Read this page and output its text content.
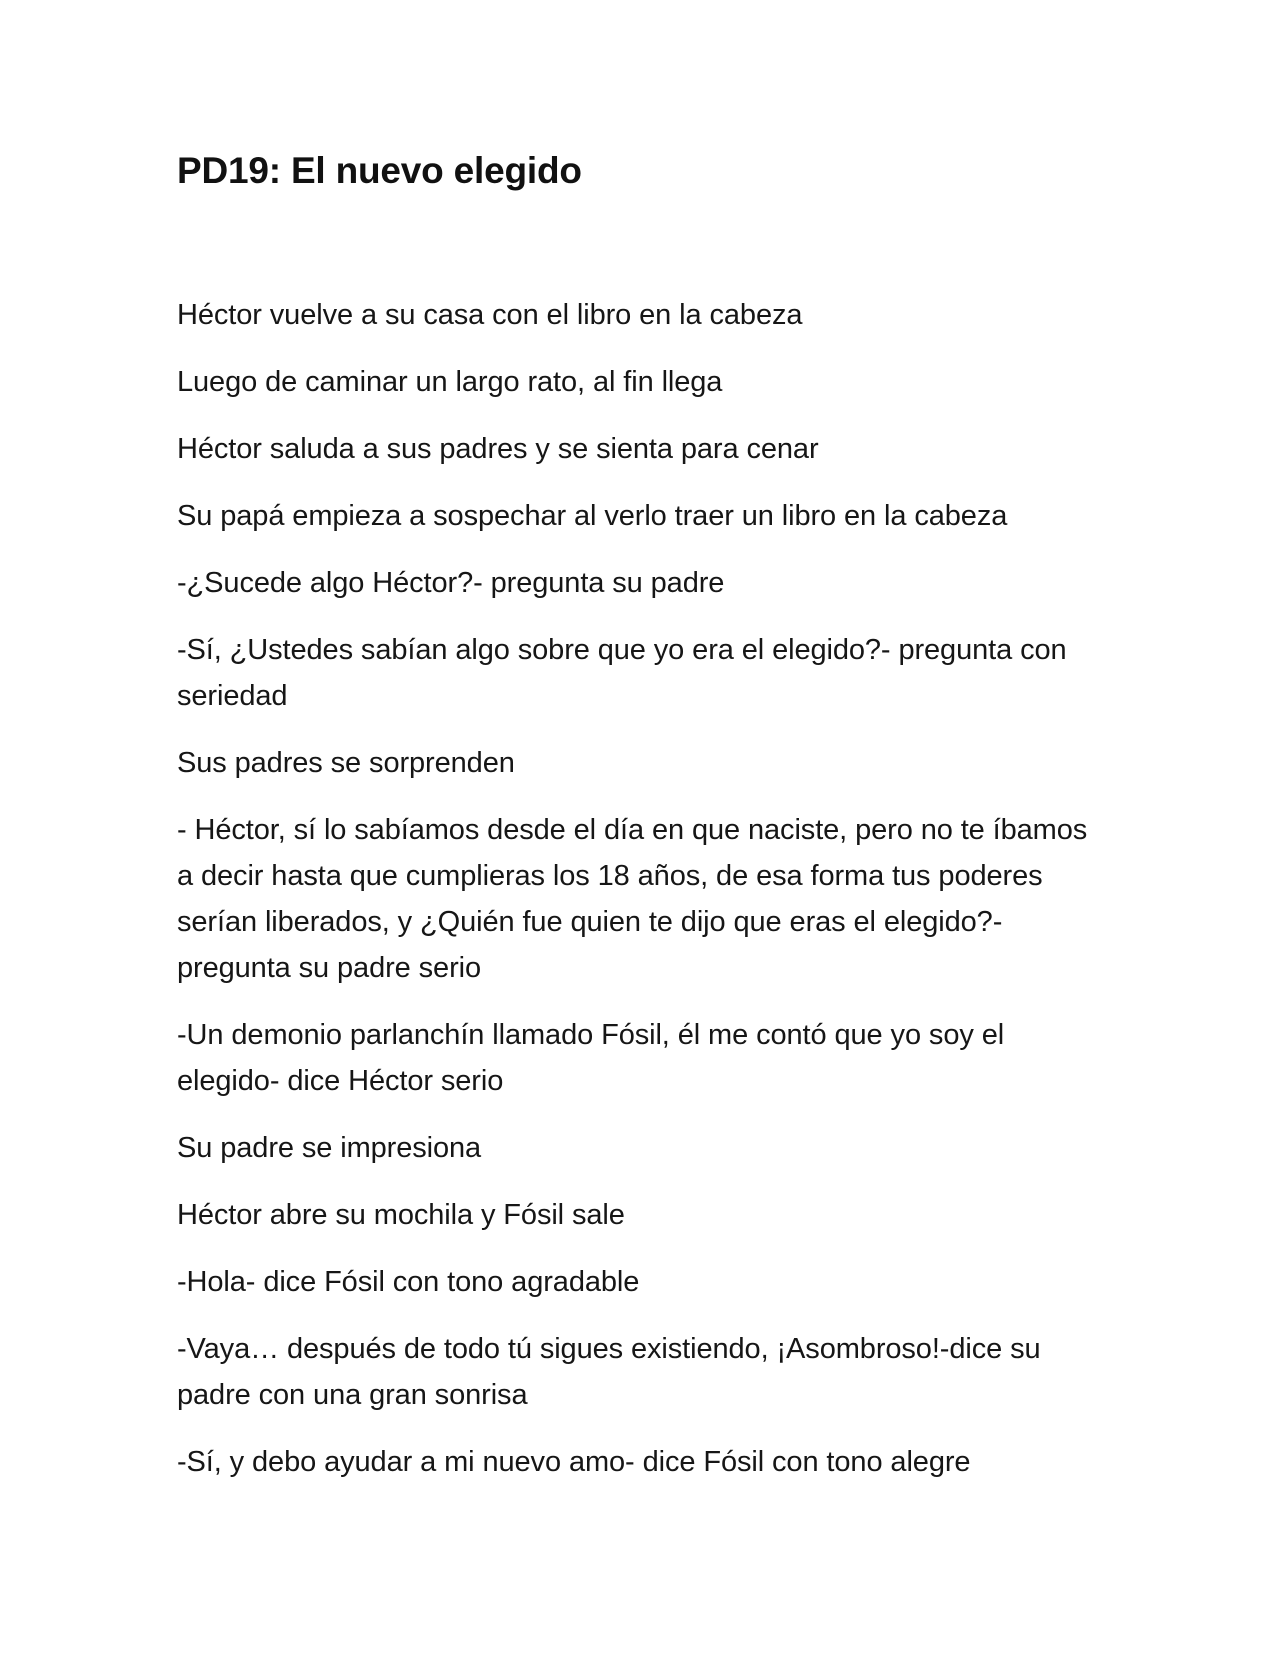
PD19: El nuevo elegido

Héctor vuelve a su casa con el libro en la cabeza

Luego de caminar un largo rato, al fin llega

Héctor saluda a sus padres y se sienta para cenar

Su papá empieza a sospechar al verlo traer un libro en la cabeza

-¿Sucede algo Héctor?- pregunta su padre

-Sí, ¿Ustedes sabían algo sobre que yo era el elegido?- pregunta con seriedad

Sus padres se sorprenden

- Héctor, sí lo sabíamos desde el día en que naciste, pero no te íbamos a decir hasta que cumplieras los 18 años, de esa forma tus poderes serían liberados, y ¿Quién fue quien te dijo que eras el elegido?- pregunta su padre serio

-Un demonio parlanchín llamado Fósil, él me contó que yo soy el elegido- dice Héctor serio

Su padre se impresiona

Héctor abre su mochila y Fósil sale

-Hola- dice Fósil con tono agradable

-Vaya… después de todo tú sigues existiendo, ¡Asombroso!-dice su padre con una gran sonrisa

-Sí, y debo ayudar a mi nuevo amo- dice Fósil con tono alegre
